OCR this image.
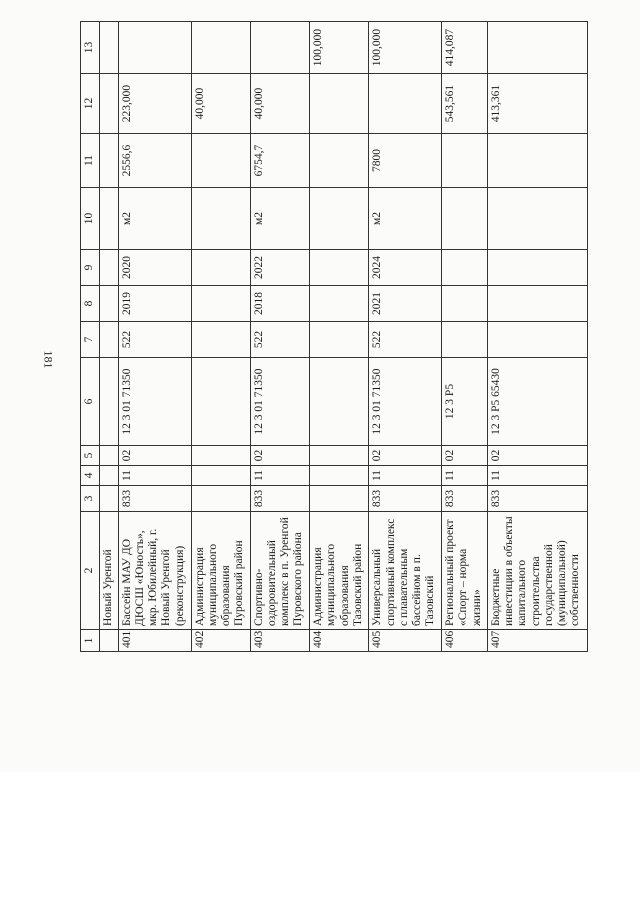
181
1	2	3	4	5	6	7	8	9	10	11	12	13
	Новый Уренгой											
401	Бассейн МАУ ДО ДЮСШ «Юность», мкр. Юбилейный, г. Новый Уренгой (реконструкция)	833	11	02	12 3 01 71350	522	2019	2020	м2	2556,6	223,000	
402	Администрация муниципального образования Пуровский район										40,000	
403	Спортивно-оздоровительный комплекс в п. Уренгой Пуровского района	833	11	02	12 3 01 71350	522	2018	2022	м2	6754,7	40,000	
404	Администрация муниципального образования Тазовский район											100,000
405	Универсальный спортивный комплекс с плавательным бассейном в п. Тазовский	833	11	02	12 3 01 71350	522	2021	2024	м2	7800		100,000
406	Региональный проект «Спорт – норма жизни»	833	11	02	12 3 P5						543,561	414,087
407	Бюджетные инвестиции в объекты капитального строительства государственной (муниципальной) собственности	833	11	02	12 3 P5 65430						413,361	
